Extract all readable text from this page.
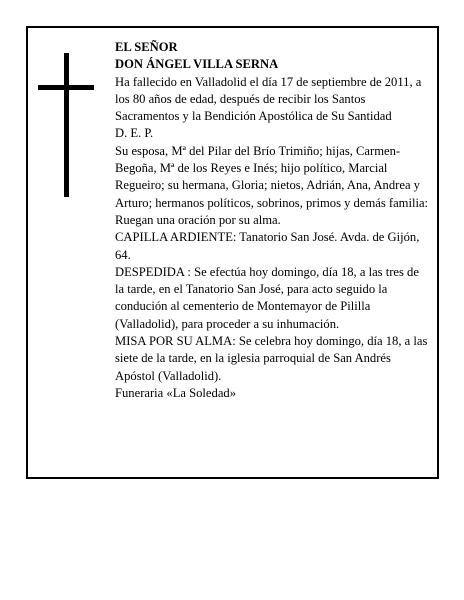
EL SEÑOR

DON ÁNGEL VILLA SERNA

Ha fallecido en Valladolid el día 17 de septiembre de 2011, a los 80 años de edad, después de recibir los Santos Sacramentos y la Bendición Apostólica de Su Santidad

D. E. P.

Su esposa, Mª del Pilar del Brío Trimiño; hijas, Carmen-Begoña, Mª de los Reyes e Inés; hijo político, Marcial Regueiro; su hermana, Gloria; nietos, Adrián, Ana, Andrea y Arturo; hermanos políticos, sobrinos, primos y demás familia:

Ruegan una oración por su alma.

CAPILLA ARDIENTE: Tanatorio San José. Avda. de Gijón, 64.

DESPEDIDA : Se efectúa hoy domingo, día 18, a las tres de la tarde, en el Tanatorio San José, para acto seguido la condución al cementerio de Montemayor de Pililla (Valladolid), para proceder a su inhumación.

MISA POR SU ALMA: Se celebra hoy domingo, día 18, a las siete de la tarde, en la iglesia parroquial de San Andrés Apóstol (Valladolid).

Funeraria «La Soledad»
